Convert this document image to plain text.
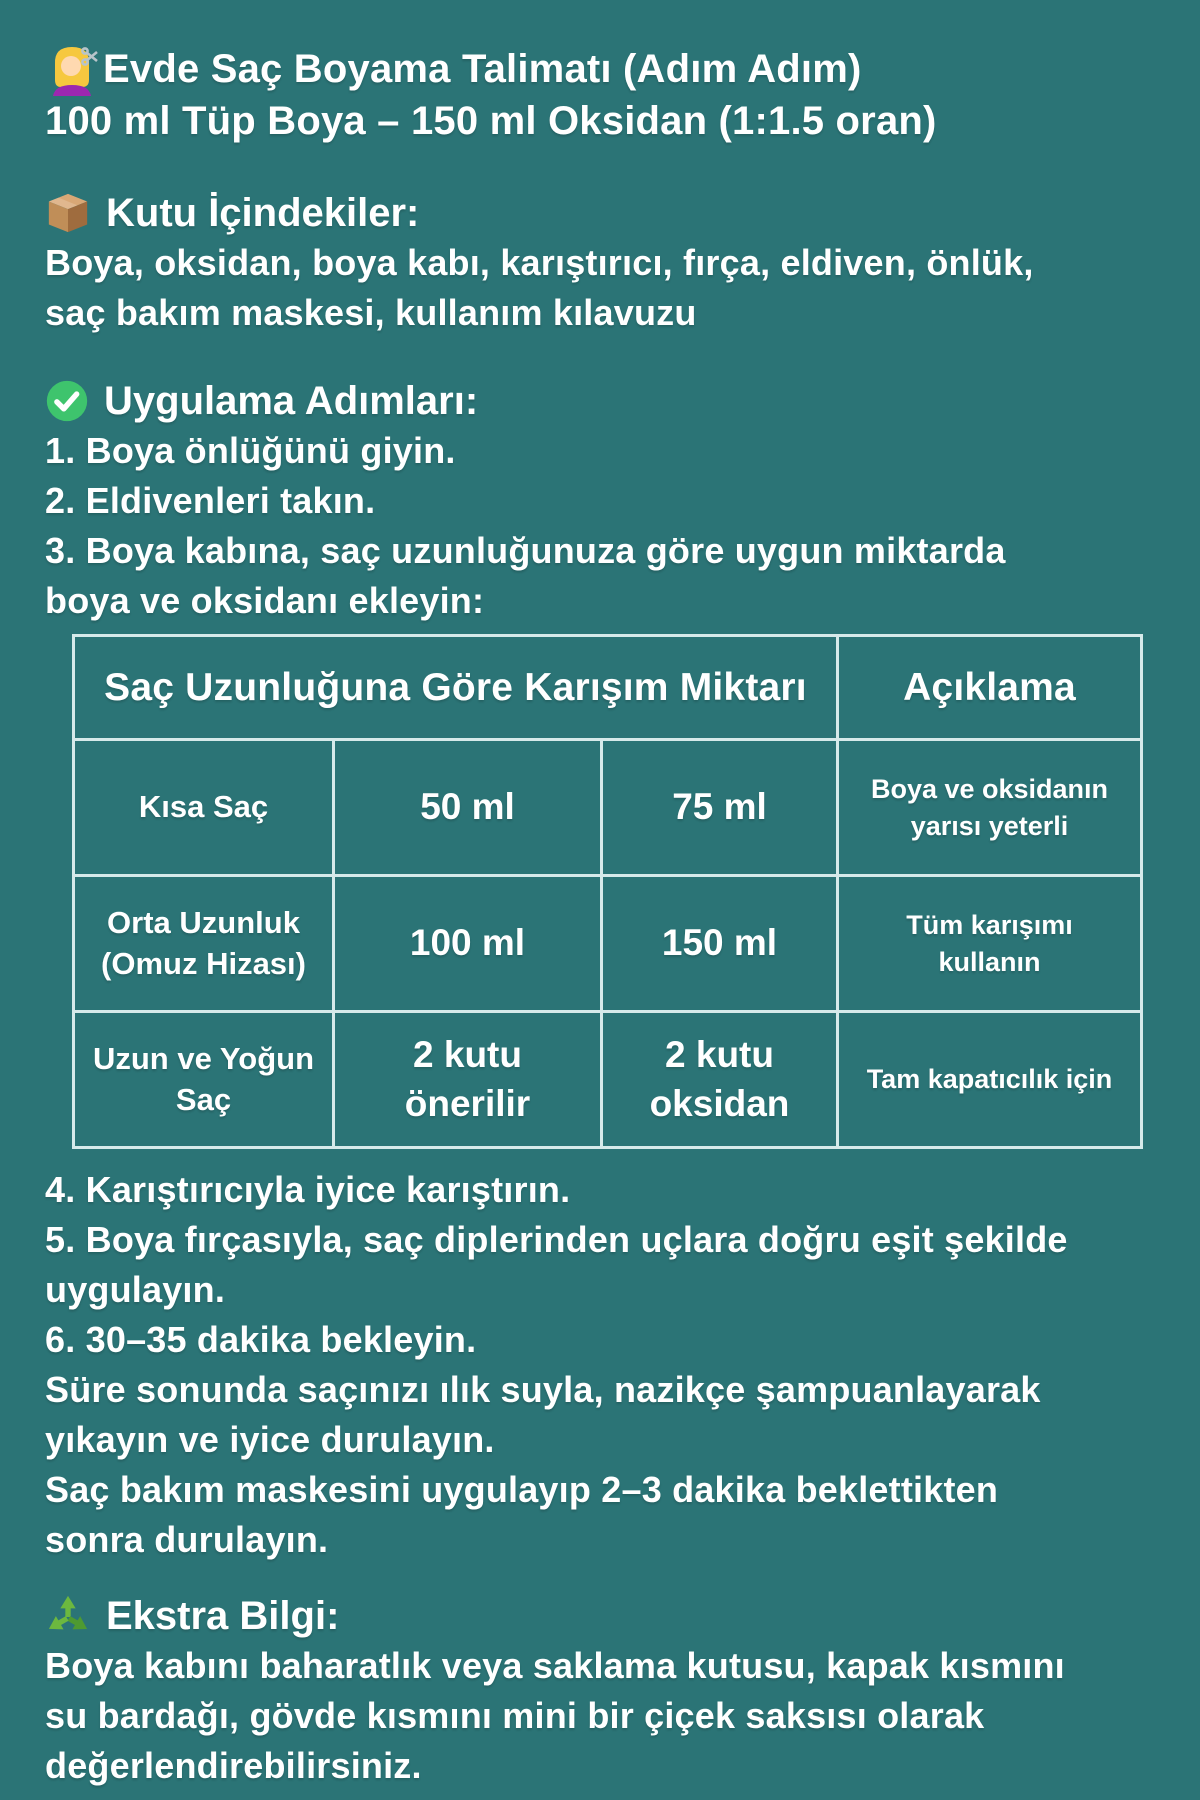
Evde Saç Boyama Talimatı (Adım Adım)
100 ml Tüp Boya – 150 ml Oksidan (1:1.5 oran)
Kutu İçindekiler:
Boya, oksidan, boya kabı, karıştırıcı, fırça, eldiven, önlük,
saç bakım maskesi, kullanım kılavuzu
Uygulama Adımları:
1. Boya önlüğünü giyin.
2. Eldivenleri takın.
3. Boya kabına, saç uzunluğunuza göre uygun miktarda
boya ve oksidanı ekleyin:
Saç Uzunluğuna Göre Karışım Miktarı			Açıklama
Kısa Saç	50 ml	75 ml	Boya ve oksidanın yarısı yeterli
Orta Uzunluk (Omuz Hizası)	100 ml	150 ml	Tüm karışımı kullanın
Uzun ve Yoğun Saç	2 kutu önerilir	2 kutu oksidan	Tam kapatıcılık için
4. Karıştırıcıyla iyice karıştırın.
5. Boya fırçasıyla, saç diplerinden uçlara doğru eşit şekilde
uygulayın.
6. 30–35 dakika bekleyin.
Süre sonunda saçınızı ılık suyla, nazikçe şampuanlayarak
yıkayın ve iyice durulayın.
Saç bakım maskesini uygulayıp 2–3 dakika beklettikten
sonra durulayın.
Ekstra Bilgi:
Boya kabını baharatlık veya saklama kutusu, kapak kısmını
su bardağı, gövde kısmını mini bir çiçek saksısı olarak
değerlendirebilirsiniz.
